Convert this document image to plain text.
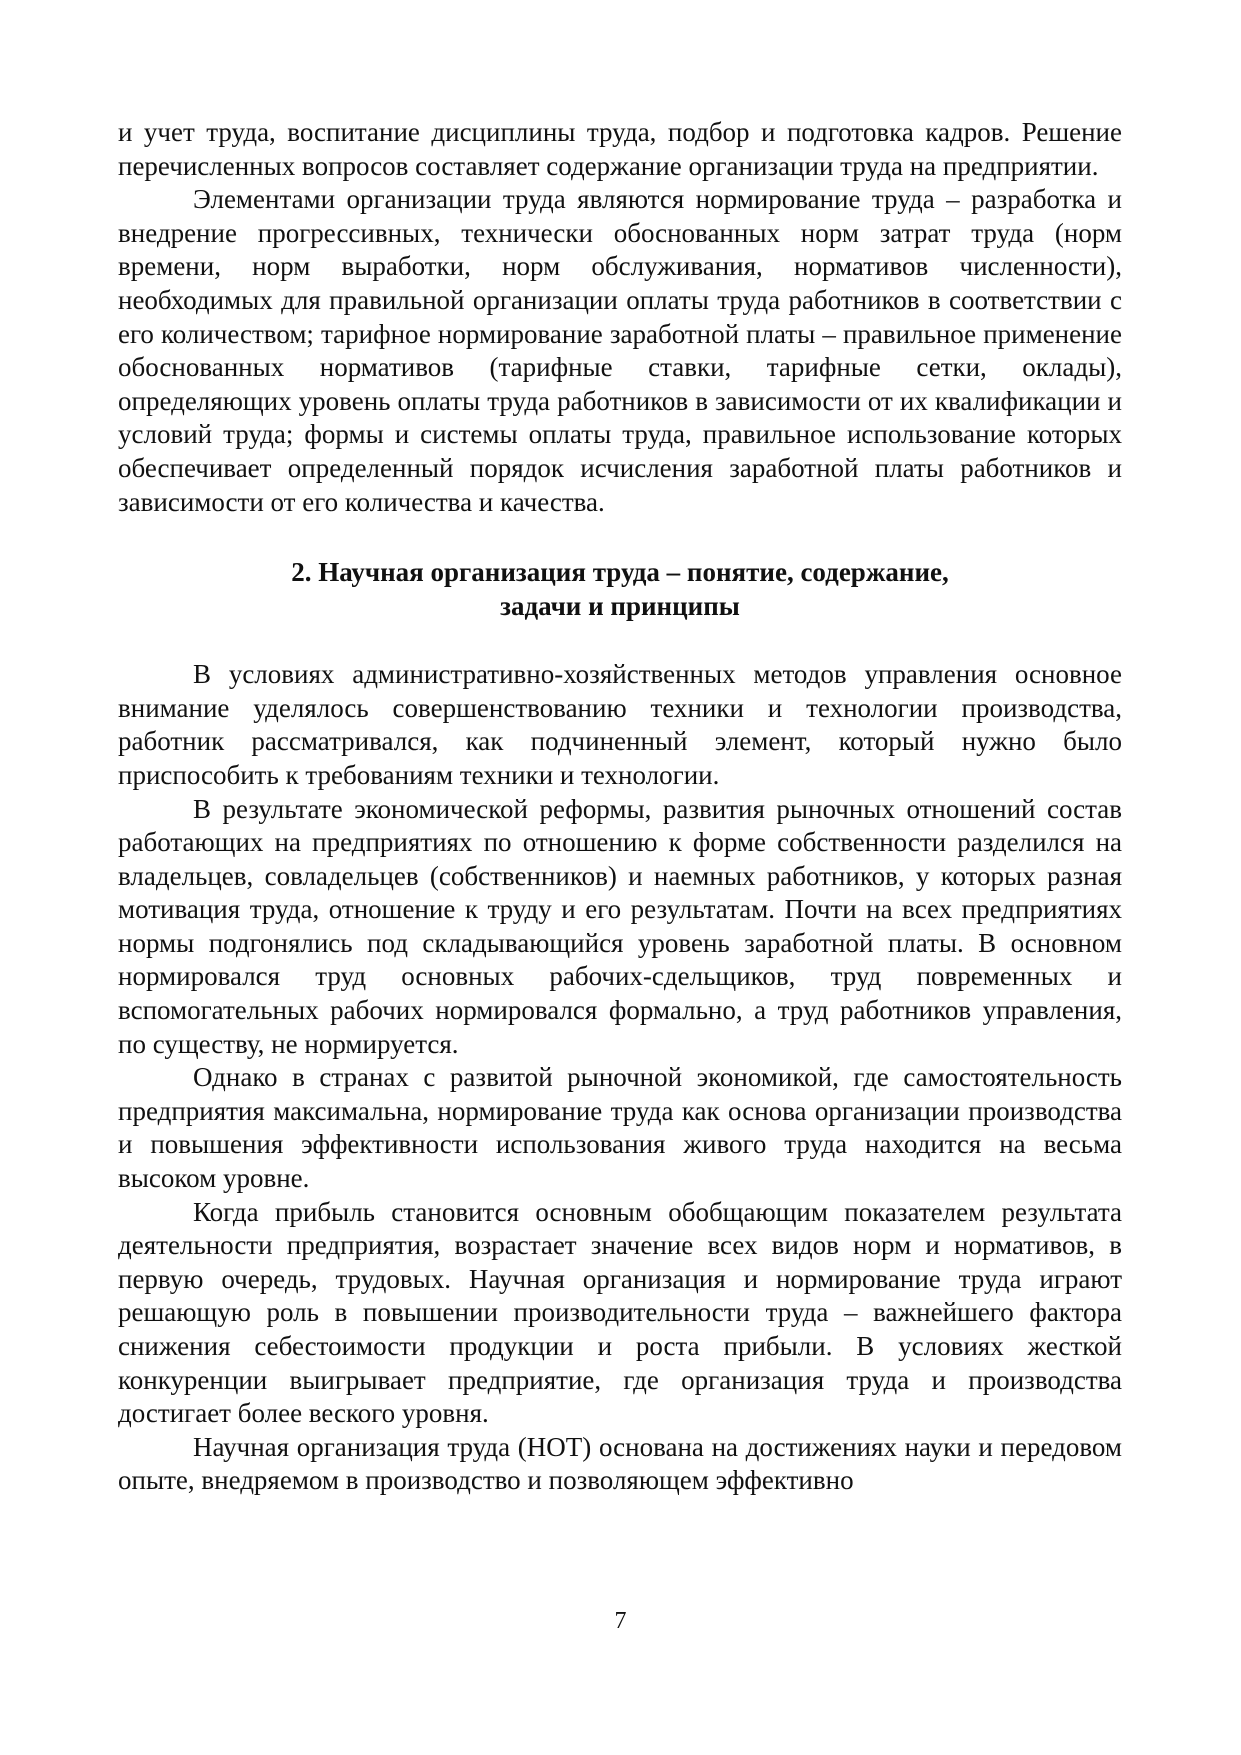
и учет труда, воспитание дисциплины труда, подбор и подготовка кадров. Решение перечисленных вопросов составляет содержание организации труда на предприятии.

Элементами организации труда являются нормирование труда – разработка и внедрение прогрессивных, технически обоснованных норм затрат труда (норм времени, норм выработки, норм обслуживания, нормативов численности), необходимых для правильной организации оплаты труда работников в соответствии с его количеством; тарифное нормирование заработной платы – правильное применение обоснованных нормативов (тарифные ставки, тарифные сетки, оклады), определяющих уровень оплаты труда работников в зависимости от их квалификации и условий труда; формы и системы оплаты труда, правильное использование которых обеспечивает определенный порядок исчисления заработной платы работников и зависимости от его количества и качества.

2. Научная организация труда – понятие, содержание,
задачи и принципы

В условиях административно-хозяйственных методов управления основное внимание уделялось совершенствованию техники и технологии производства, работник рассматривался, как подчиненный элемент, который нужно было приспособить к требованиям техники и технологии.

В результате экономической реформы, развития рыночных отношений состав работающих на предприятиях по отношению к форме собственности разделился на владельцев, совладельцев (собственников) и наемных работников, у которых разная мотивация труда, отношение к труду и его результатам. Почти на всех предприятиях нормы подгонялись под складывающийся уровень заработной платы. В основном нормировался труд основных рабочих-сдельщиков, труд повременных и вспомогательных рабочих нормировался формально, а труд работников управления, по существу, не нормируется.

Однако в странах с развитой рыночной экономикой, где самостоятельность предприятия максимальна, нормирование труда как основа организации производства и повышения эффективности использования живого труда находится на весьма высоком уровне.

Когда прибыль становится основным обобщающим показателем результата деятельности предприятия, возрастает значение всех видов норм и нормативов, в первую очередь, трудовых. Научная организация и нормирование труда играют решающую роль в повышении производительности труда – важнейшего фактора снижения себестоимости продукции и роста прибыли. В условиях жесткой конкуренции выигрывает предприятие, где организация труда и производства достигает более веского уровня.

Научная организация труда (НОТ) основана на достижениях науки и передовом опыте, внедряемом в производство и позволяющем эффективно

7
